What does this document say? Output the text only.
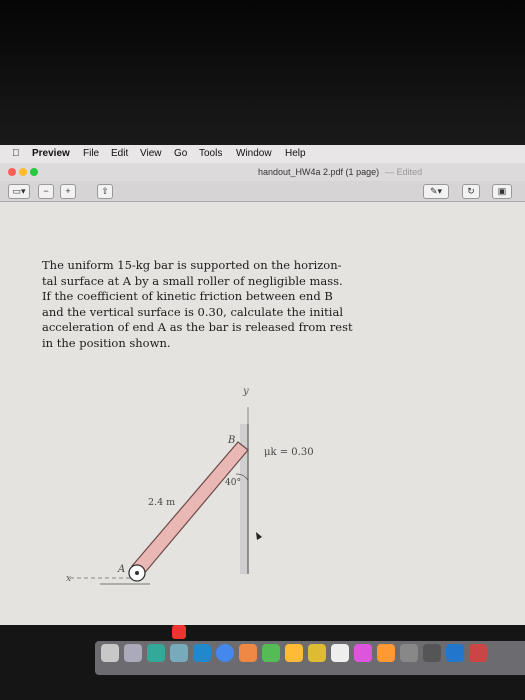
Preview File Edit View Go Tools Window Help
handout_HW4a 2.pdf (1 page) — Edited
▭▾	−	+	⇧	✎▾	↻	▣

The uniform 15-kg bar is supported on the horizon-

tal surface at A by a small roller of negligible mass.

If the coefficient of kinetic friction between end B

and the vertical surface is 0.30, calculate the initial

acceleration of end A as the bar is released from rest

in the position shown.

y
x
B
A
μk = 0.30
40°
2.4 m
